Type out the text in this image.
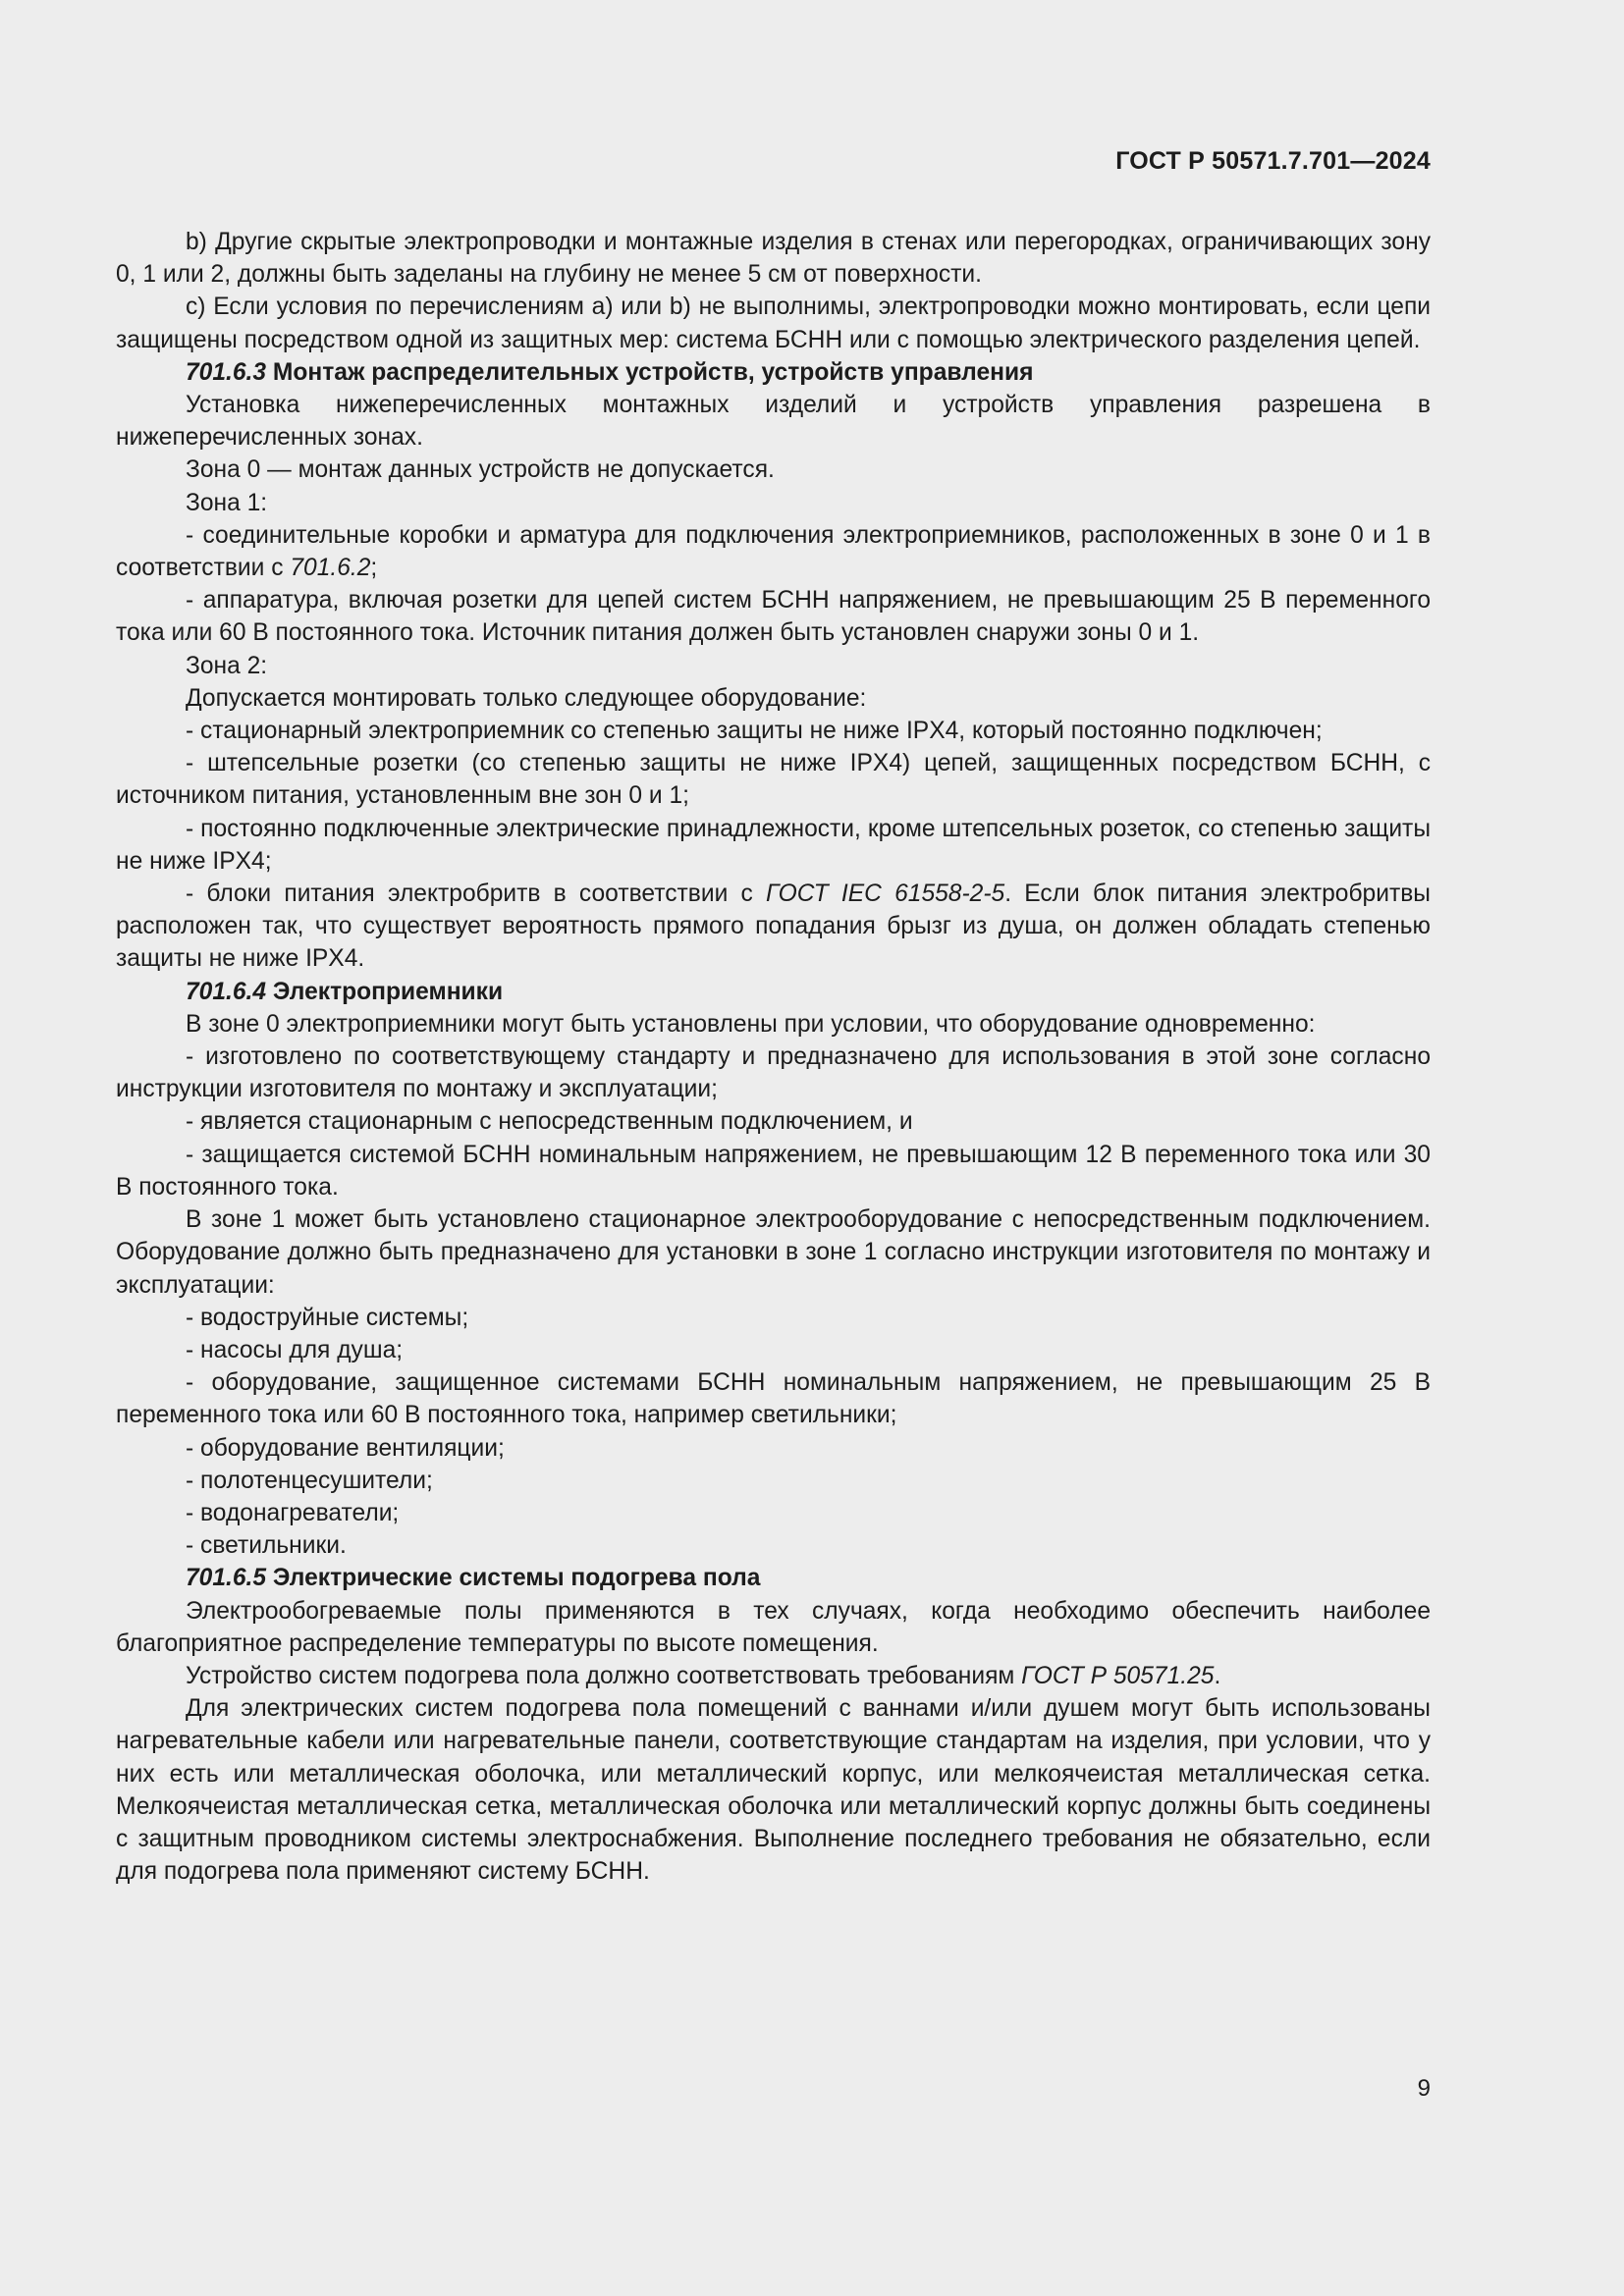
ГОСТ Р 50571.7.701—2024

b) Другие скрытые электропроводки и монтажные изделия в стенах или перегородках, ограничивающих зону 0, 1 или 2, должны быть заделаны на глубину не менее 5 см от поверхности.

c) Если условия по перечислениям a) или b) не выполнимы, электропроводки можно монтировать, если цепи защищены посредством одной из защитных мер: система БСНН или с помощью электрического разделения цепей.

701.6.3 Монтаж распределительных устройств, устройств управления

Установка нижеперечисленных монтажных изделий и устройств управления разрешена в нижеперечисленных зонах.

Зона 0 — монтаж данных устройств не допускается.

Зона 1:

- соединительные коробки и арматура для подключения электроприемников, расположенных в зоне 0 и 1 в соответствии с 701.6.2;

- аппаратура, включая розетки для цепей систем БСНН напряжением, не превышающим 25 В переменного тока или 60 В постоянного тока. Источник питания должен быть установлен снаружи зоны 0 и 1.

Зона 2:

Допускается монтировать только следующее оборудование:

- стационарный электроприемник со степенью защиты не ниже IPX4, который постоянно подключен;

- штепсельные розетки (со степенью защиты не ниже IPX4) цепей, защищенных посредством БСНН, с источником питания, установленным вне зон 0 и 1;

- постоянно подключенные электрические принадлежности, кроме штепсельных розеток, со степенью защиты не ниже IPX4;

- блоки питания электробритв в соответствии с ГОСТ IEC 61558-2-5. Если блок питания электробритвы расположен так, что существует вероятность прямого попадания брызг из душа, он должен обладать степенью защиты не ниже IPX4.

701.6.4 Электроприемники

В зоне 0 электроприемники могут быть установлены при условии, что оборудование одновременно:

- изготовлено по соответствующему стандарту и предназначено для использования в этой зоне согласно инструкции изготовителя по монтажу и эксплуатации;

- является стационарным с непосредственным подключением, и

- защищается системой БСНН номинальным напряжением, не превышающим 12 В переменного тока или 30 В постоянного тока.

В зоне 1 может быть установлено стационарное электрооборудование с непосредственным подключением. Оборудование должно быть предназначено для установки в зоне 1 согласно инструкции изготовителя по монтажу и эксплуатации:

- водоструйные системы;

- насосы для душа;

- оборудование, защищенное системами БСНН номинальным напряжением, не превышающим 25 В переменного тока или 60 В постоянного тока, например светильники;

- оборудование вентиляции;

- полотенцесушители;

- водонагреватели;

- светильники.

701.6.5 Электрические системы подогрева пола

Электрообогреваемые полы применяются в тех случаях, когда необходимо обеспечить наиболее благоприятное распределение температуры по высоте помещения.

Устройство систем подогрева пола должно соответствовать требованиям ГОСТ Р 50571.25.

Для электрических систем подогрева пола помещений с ваннами и/или душем могут быть использованы нагревательные кабели или нагревательные панели, соответствующие стандартам на изделия, при условии, что у них есть или металлическая оболочка, или металлический корпус, или мелкоячеистая металлическая сетка. Мелкоячеистая металлическая сетка, металлическая оболочка или металлический корпус должны быть соединены с защитным проводником системы электроснабжения. Выполнение последнего требования не обязательно, если для подогрева пола применяют систему БСНН.

9
